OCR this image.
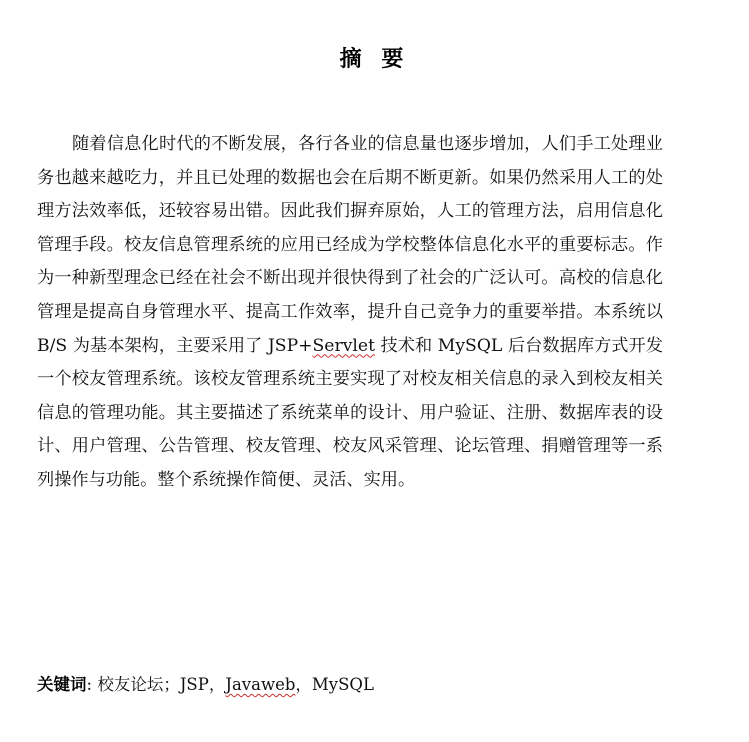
摘 要

随着信息化时代的不断发展，各行各业的信息量也逐步增加，人们手工处理业务也越来越吃力，并且已处理的数据也会在后期不断更新。如果仍然采用人工的处理方法效率低，还较容易出错。因此我们摒弃原始，人工的管理方法，启用信息化管理手段。校友信息管理系统的应用已经成为学校整体信息化水平的重要标志。作为一种新型理念已经在社会不断出现并很快得到了社会的广泛认可。高校的信息化管理是提高自身管理水平、提高工作效率，提升自己竞争力的重要举措。本系统以 B/S 为基本架构，主要采用了 JSP+Servlet 技术和 MySQL 后台数据库方式开发一个校友管理系统。该校友管理系统主要实现了对校友相关信息的录入到校友相关信息的管理功能。其主要描述了系统菜单的设计、用户验证、注册、数据库表的设计、用户管理、公告管理、校友管理、校友风采管理、论坛管理、捐赠管理等一系列操作与功能。整个系统操作简便、灵活、实用。

关键词: 校友论坛；JSP，Javaweb，MySQL
